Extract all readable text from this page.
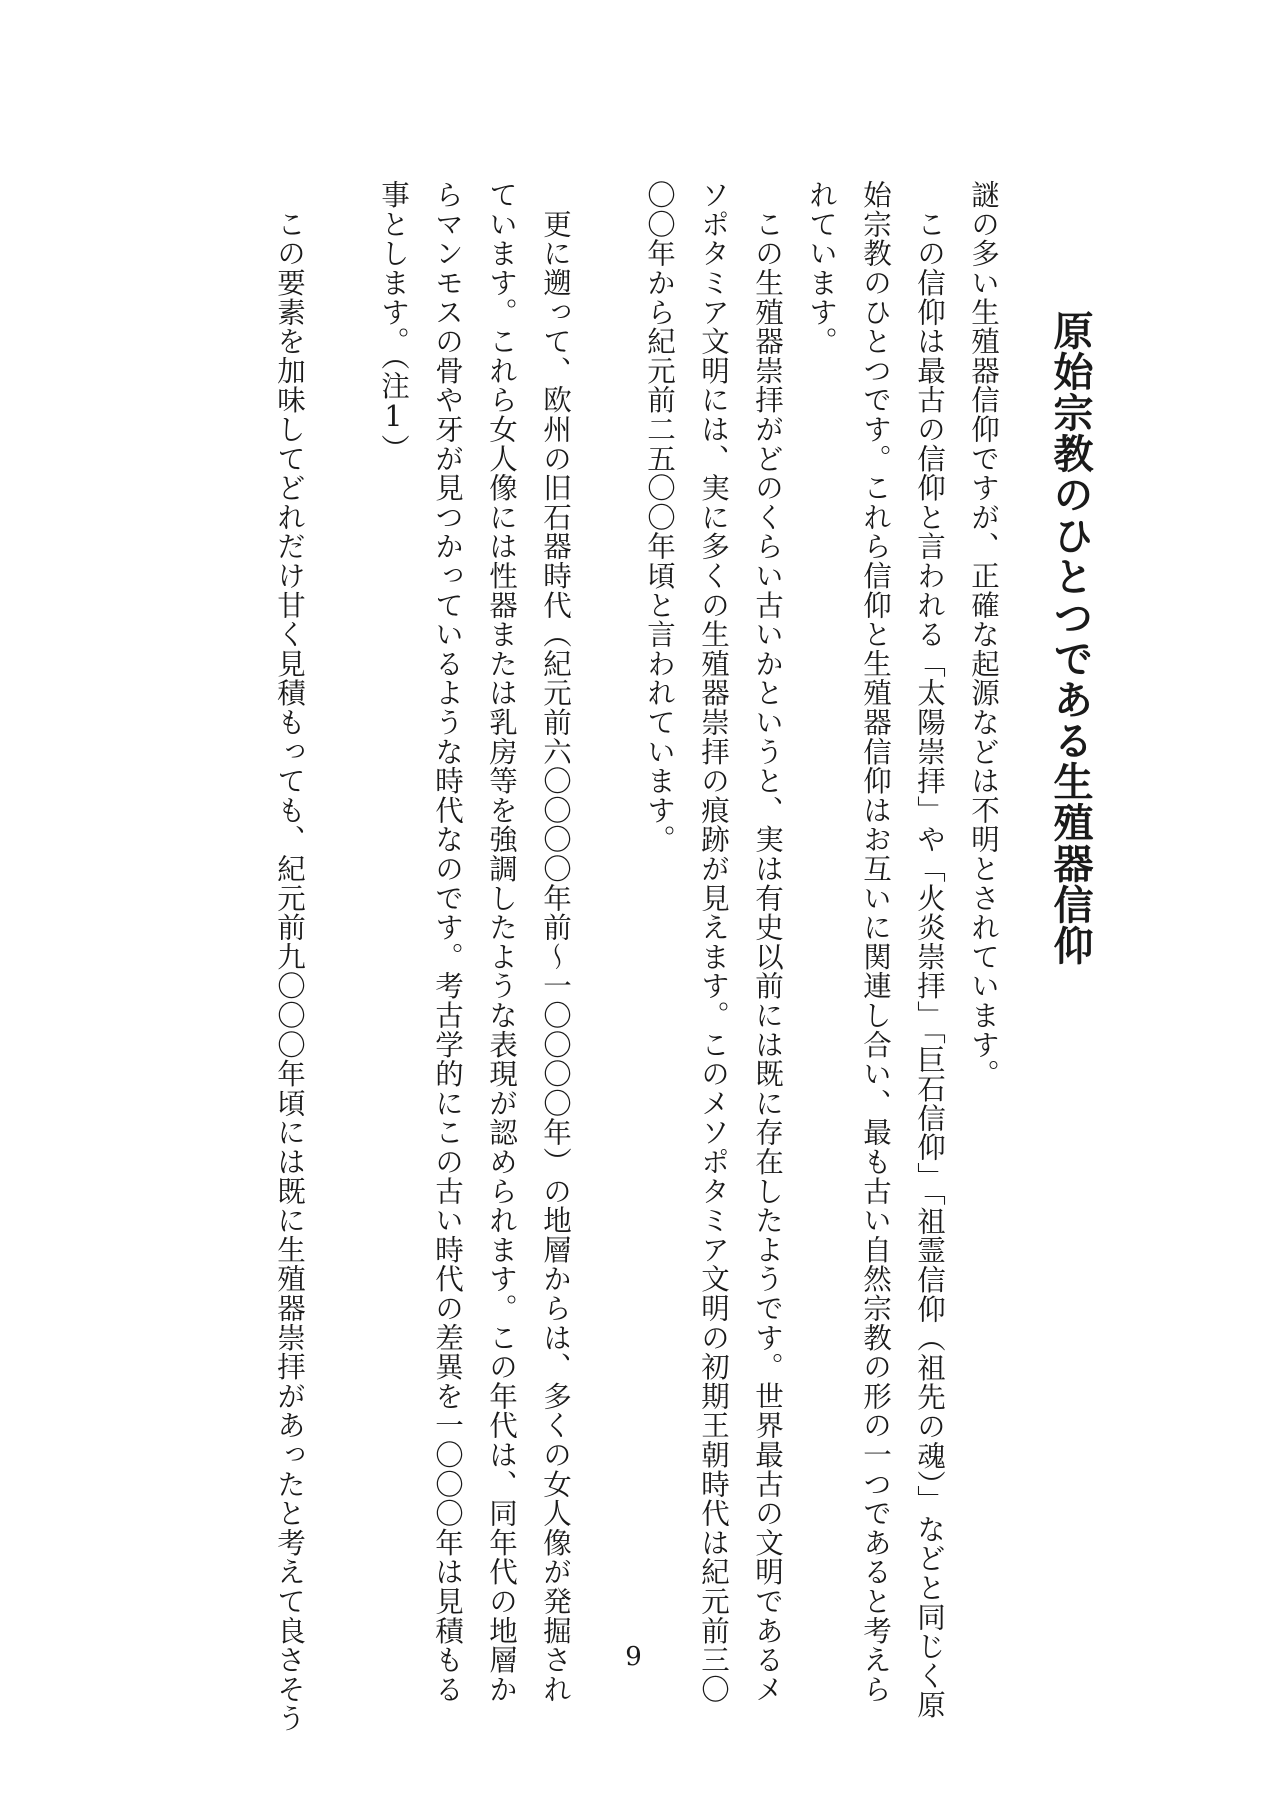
原始宗教のひとつである生殖器信仰
謎の多い生殖器信仰ですが、正確な起源などは不明とされています。
　この信仰は最古の信仰と言われる「太陽崇拝」や「火炎崇拝」「巨石信仰」「祖霊信仰（祖先の魂）」などと同じく原
始宗教のひとつです。これら信仰と生殖器信仰はお互いに関連し合い、最も古い自然宗教の形の一つであると考えら
れています。
　この生殖器崇拝がどのくらい古いかというと、実は有史以前には既に存在したようです。世界最古の文明であるメ
ソポタミア文明には、実に多くの生殖器崇拝の痕跡が見えます。このメソポタミア文明の初期王朝時代は紀元前三〇
〇〇年から紀元前二五〇〇年頃と言われています。
　更に遡って、欧州の旧石器時代（紀元前六〇〇〇〇年前～一〇〇〇〇年）の地層からは、多くの女人像が発掘され
ています。これら女人像には性器または乳房等を強調したような表現が認められます。この年代は、同年代の地層か
らマンモスの骨や牙が見つかっているような時代なのです。考古学的にこの古い時代の差異を一〇〇〇年は見積もる
事とします。（注1）
　この要素を加味してどれだけ甘く見積もっても、紀元前九〇〇〇年頃には既に生殖器崇拝があったと考えて良さそう	9
